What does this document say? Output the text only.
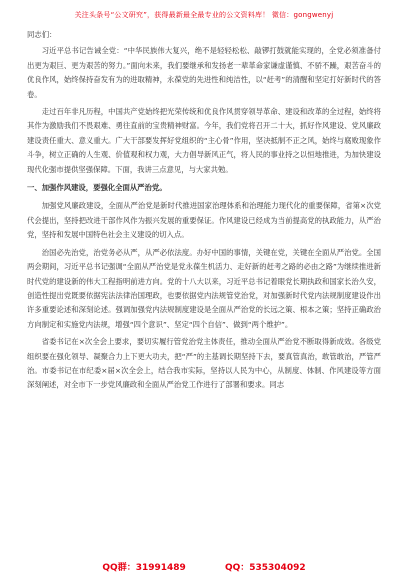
关注头条号“公文研究”，获得最新最全最专业的公文资料库！ 微信：gongwenyj

同志们：

习近平总书记告诫全党：“中华民族伟大复兴，绝不是轻轻松松、敲锣打鼓就能实现的，全党必须准备付出更为艰巨、更为艰苦的努力。”面向未来，我们要继承和发扬老一辈革命家谦虚谨慎、不骄不躁，艰苦奋斗的优良作风，始终保持奋发有为的进取精神，永葆党的先进性和纯洁性，以“赶考”的清醒和坚定打好新时代的答卷。

走过百年非凡历程，中国共产党始终把光荣传统和优良作风贯穿领导革命、建设和改革的全过程，始终将其作为激励我们不畏艰难、勇往直前的宝贵精神财富。今年，我们党将召开二十大，抓好作风建设、党风廉政建设责任重大、意义重大。广大干部要发挥好党组织的“主心骨”作用，坚决抵制不正之风，始终与腐败现象作斗争，树立正确的人生观、价值观和权力观，大力倡导新风正气，将人民的事业持之以恒地推进，为加快建设现代化强市提供坚强保障。下面，我讲三点意见，与大家共勉。

一、加强作风建设，要强化全面从严治党。

加强党风廉政建设，全面从严治党是新时代推进国家治理体系和治理能力现代化的重要保障，省第×次党代会提出，坚持把改进干部作风作为振兴发展的重要保证。作风建设已经成为当前提高党的执政能力，从严治党，坚持和发展中国特色社会主义建设的切入点。

治国必先治党，治党务必从严，从严必依法度。办好中国的事情，关键在党，关键在全面从严治党。全国两会期间，习近平总书记强调“全面从严治党是党永葆生机活力、走好新的赶考之路的必由之路”为继续推进新时代党的建设新的伟大工程指明前进方向。党的十八大以来，习近平总书记着眼党长期执政和国家长治久安，创造性提出党既要依据宪法法律治国理政，也要依据党内法规管党治党，对加强新时代党内法规制度建设作出许多重要论述和深刻论述。强调加强党内法规制度建设是全面从严治党的长远之策、根本之策；坚持正确政治方向制定和实施党内法规，增强“四个意识”、坚定“四个自信”、做到“两个维护”。

省委书记在×次全会上要求，要切实履行管党治党主体责任，推动全面从严治党不断取得新成效。各级党组织要在强化领导、凝聚合力上下更大功夫，把“严”的主基调长期坚持下去，要真管真治，敢管敢治，严管严治。市委书记在市纪委×届×次全会上，结合我市实际，坚持以人民为中心，从制度、体制、作风建设等方面深刻阐述，对全市下一步党风廉政和全面从严治党工作进行了部署和要求。同志

QQ群：31991489	QQ：535304092
